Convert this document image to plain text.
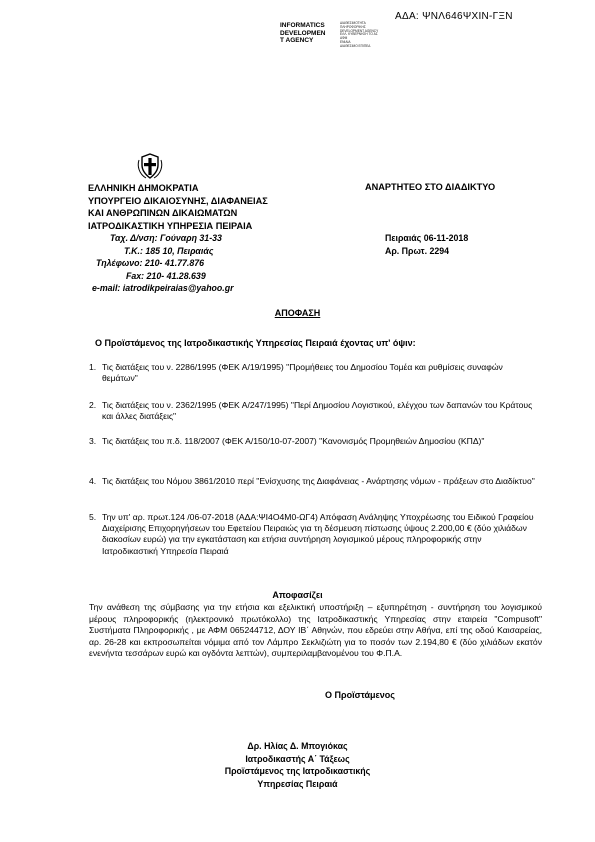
ΑΔΑ: ΨΝΛ646ΨΧΙΝ-ΓΞΝ
INFORMATICS
DEVELOPMEN
T AGENCY
ΔΙΑΘΕΣΙΜΟΤΗΤΑ
ΠΛΗΡΟΦΟΡΙΚΗΣ
DEVELOPMENT AGENCY
ΕΛΛ. ΚΥΒΕΡΝΗΣΗ ΤΟ ΑΣ
ΑΦΜ
ΕΝΙΑΙΑ
ΔΙΑΘΕΣΙΜΟ ΕΠΙΠΕΔ
ΕΛΛΗΝΙΚΗ ΔΗΜΟΚΡΑΤΙΑ
ΥΠΟΥΡΓΕΙΟ ΔΙΚΑΙΟΣΥΝΗΣ, ΔΙΑΦΑΝΕΙΑΣ
ΚΑΙ ΑΝΘΡΩΠΙΝΩΝ ΔΙΚΑΙΩΜΑΤΩΝ
ΙΑΤΡΟΔΙΚΑΣΤΙΚΗ ΥΠΗΡΕΣΙΑ ΠΕΙΡΑΙΑ
ΑΝΑΡΤΗΤΕΟ ΣΤΟ ΔΙΑΔΙΚΤΥΟ
Ταχ. Δ/νση: Γούναρη 31-33
Τ.Κ.: 185 10, Πειραιάς
Τηλέφωνο: 210- 41.77.876
Fax: 210- 41.28.639
e-mail: iatrodikpeiraias@yahoo.gr
Πειραιάς 06-11-2018
Αρ. Πρωτ. 2294
ΑΠΟΦΑΣΗ
Ο Προϊστάμενος της Ιατροδικαστικής Υπηρεσίας Πειραιά έχοντας υπ' όψιν:
1. Τις διατάξεις του ν. 2286/1995 (ΦΕΚ Α/19/1995) "Προμήθειες του Δημοσίου Τομέα και ρυθμίσεις συναφών θεμάτων"
2. Τις διατάξεις του ν. 2362/1995 (ΦΕΚ Α/247/1995) "Περί Δημοσίου Λογιστικού, ελέγχου των δαπανών του Κράτους και άλλες διατάξεις"
3. Τις διατάξεις του π.δ. 118/2007 (ΦΕΚ Α/150/10-07-2007) "Κανονισμός Προμηθειών Δημοσίου (ΚΠΔ)"
4. Τις διατάξεις του Νόμου 3861/2010 περί "Ενίσχυσης της Διαφάνειας - Ανάρτησης νόμων - πράξεων στο Διαδίκτυο"
5. Την υπ' αρ. πρωτ.124 /06-07-2018 (ΑΔΑ:ΨΙ4Ο4Μ0-ΩΓ4) Απόφαση Ανάληψης Υποχρέωσης του Ειδικού Γραφείου Διαχείρισης Επιχορηγήσεων του Εφετείου Πειραιώς για τη δέσμευση πίστωσης ύψους 2.200,00 € (δύο χιλιάδων διακοσίων ευρώ) για την εγκατάσταση και ετήσια συντήρηση λογισμικού μέρους πληροφορικής στην Ιατροδικαστική Υπηρεσία Πειραιά
Αποφασίζει
Την ανάθεση της σύμβασης για την ετήσια και εξελικτική υποστήριξη – εξυπηρέτηση - συντήρηση του λογισμικού μέρους πληροφορικής (ηλεκτρονικό πρωτόκολλο) της Ιατροδικαστικής Υπηρεσίας στην εταιρεία "Compusoft" Συστήματα Πληροφορικής , με ΑΦΜ 065244712, ΔΟΥ ΙΒ΄ Αθηνών, που εδρεύει στην Αθήνα, επί της οδού Καισαρείας, αρ. 26-28 και εκπροσωπείται νόμιμα από τον Λάμπρο Σεκλιζιώτη για το ποσόν των 2.194,80 € (δύο χιλιάδων εκατόν ενενήντα τεσσάρων ευρώ και ογδόντα λεπτών), συμπεριλαμβανομένου του Φ.Π.Α.
Ο Προϊστάμενος
Δρ. Ηλίας Δ. Μπογιόκας
Ιατροδικαστής Α΄ Τάξεως
Προϊστάμενος της Ιατροδικαστικής
Υπηρεσίας Πειραιά
